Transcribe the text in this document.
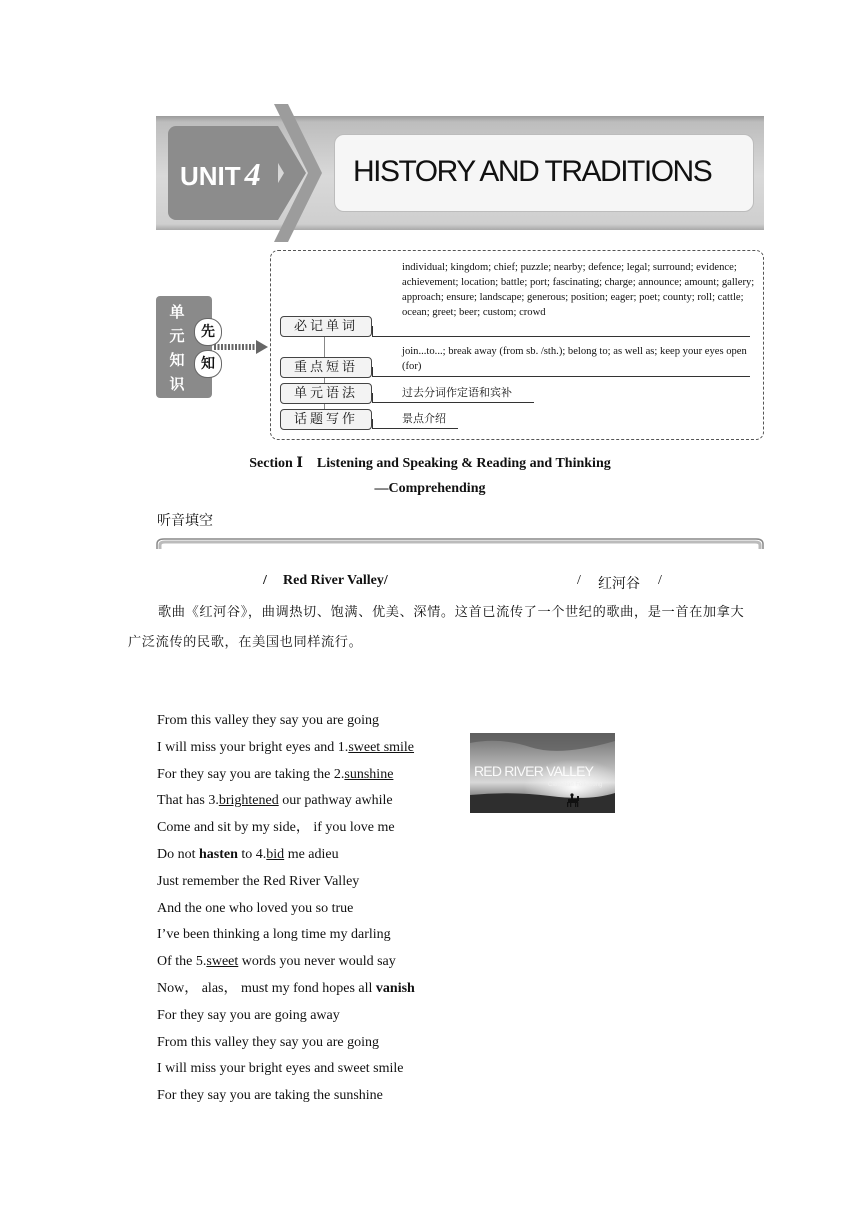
UNIT 4	HISTORY AND TRADITIONS
单
元
知
识
先
知
必记单词
individual; kingdom; chief; puzzle; nearby; defence; legal; surround; evidence; achievement; location; battle; port; fascinating; charge; announce; amount; gallery; approach; ensure; landscape; generous; position; eager; poet; county; roll; cattle; ocean; greet; beer; custom; crowd
重点短语
join...to...; break away (from sb. /sth.); belong to; as well as; keep your eyes open (for)
单元语法	过去分词作定语和宾补
话题写作	景点介绍
Section Ⅰ　Listening and Speaking & Reading and Thinking
—Comprehending
听音填空
/ Red River Valley/	/ 红河谷 /
歌曲《红河谷》，曲调热切、饱满、优美、深情。这首已流传了一个世纪的歌曲，是一首在加拿大广泛流传的民歌，在美国也同样流行。
From this valley they say you are going
I will miss your bright eyes and 1.sweet smile
For they say you are taking the 2.sunshine
That has 3.brightened our pathway awhile
Come and sit by my side， if you love me
Do not hasten to 4.bid me adieu
Just remember the Red River Valley
And the one who loved you so true
I’ve been thinking a long time my darling
Of the 5.sweet words you never would say
Now， alas， must my fond hopes all vanish
For they say you are going away
From this valley they say you are going
I will miss your bright eyes and sweet smile
For they say you are taking the sunshine
RED RIVER VALLEY
Canadian Folk Song
